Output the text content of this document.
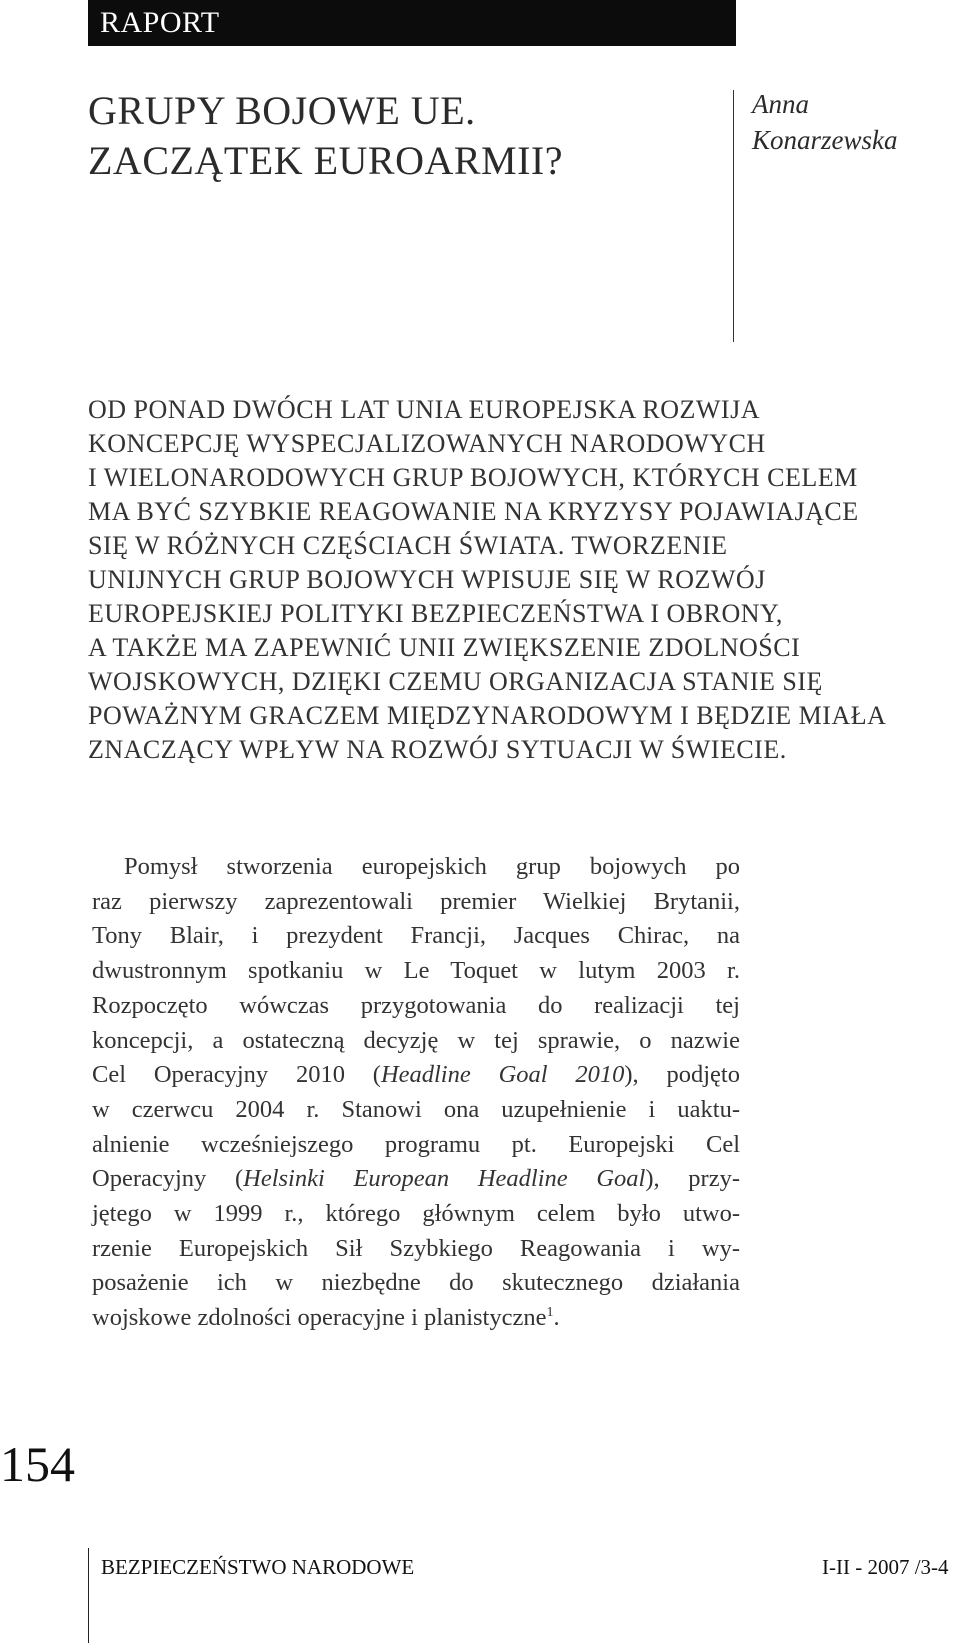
RAPORT
GRUPY BOJOWE UE.
ZACZĄTEK EUROARMII?
Anna
Konarzewska
OD PONAD DWÓCH LAT UNIA EUROPEJSKA ROZWIJA
KONCEPCJĘ WYSPECJALIZOWANYCH NARODOWYCH
I WIELONARODOWYCH GRUP BOJOWYCH, KTÓRYCH CELEM
MA BYĆ SZYBKIE REAGOWANIE NA KRYZYSY POJAWIAJĄCE
SIĘ W RÓŻNYCH CZĘŚCIACH ŚWIATA. TWORZENIE
UNIJNYCH GRUP BOJOWYCH WPISUJE SIĘ W ROZWÓJ
EUROPEJSKIEJ POLITYKI BEZPIECZEŃSTWA I OBRONY,
A TAKŻE MA ZAPEWNIĆ UNII ZWIĘKSZENIE ZDOLNOŚCI
WOJSKOWYCH, DZIĘKI CZEMU ORGANIZACJA STANIE SIĘ
POWAŻNYM GRACZEM MIĘDZYNARODOWYM I BĘDZIE MIAŁA
ZNACZĄCY WPŁYW NA ROZWÓJ SYTUACJI W ŚWIECIE.
Pomysł stworzenia europejskich grup bojowych po
raz pierwszy zaprezentowali premier Wielkiej Brytanii,
Tony Blair, i prezydent Francji, Jacques Chirac, na
dwustronnym spotkaniu w Le Toquet w lutym 2003 r.
Rozpoczęto wówczas przygotowania do realizacji tej
koncepcji, a ostateczną decyzję w tej sprawie, o nazwie
Cel Operacyjny 2010 (Headline Goal 2010), podjęto
w czerwcu 2004 r. Stanowi ona uzupełnienie i uaktu-
alnienie wcześniejszego programu pt. Europejski Cel
Operacyjny (Helsinki European Headline Goal), przy-
jętego w 1999 r., którego głównym celem było utwo-
rzenie Europejskich Sił Szybkiego Reagowania i wy-
posażenie ich w niezbędne do skutecznego działania
wojskowe zdolności operacyjne i planistyczne$^1$.
154
BEZPIECZEŃSTWO NARODOWE	I-II - 2007 /3-4
